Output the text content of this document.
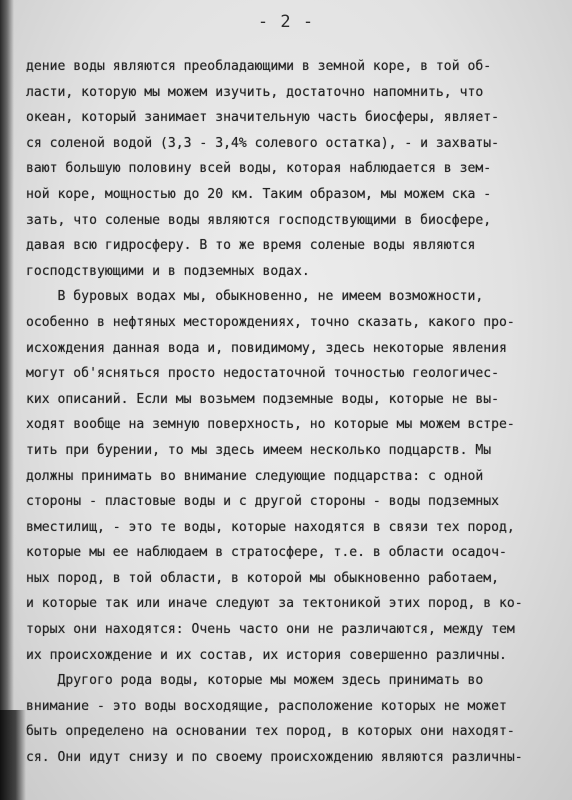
- 2 -
дение воды являются преобладающими в земной коре, в той об-
ласти, которую мы можем изучить, достаточно напомнить, что
океан, который занимает значительную часть биосферы, являет-
ся соленой водой (3,3 - 3,4% солевого остатка), - и захваты-
вают большую половину всей воды, которая наблюдается в зем-
ной коре, мощностью до 20 км. Таким образом, мы можем ска -
зать, что соленые воды являются господствующими в биосфере,
давая всю гидросферу. В то же время соленые воды являются
господствующими и в подземных водах.
В буровых водах мы, обыкновенно, не имеем возможности,
особенно в нефтяных месторождениях, точно сказать, какого про-
исхождения данная вода и, повидимому, здесь некоторые явления
могут об'ясняться просто недостаточной точностью геологичес-
ких описаний. Если мы возьмем подземные воды, которые не вы-
ходят вообще на земную поверхность, но которые мы можем встре-
тить при бурении, то мы здесь имеем несколько подцарств. Мы
должны принимать во внимание следующие подцарства: с одной
стороны - пластовые воды и с другой стороны - воды подземных
вместилищ, - это те воды, которые находятся в связи тех пород,
которые мы ее наблюдаем в стратосфере, т.е. в области осадоч-
ных пород, в той области, в которой мы обыкновенно работаем,
и которые так или иначе следуют за тектоникой этих пород, в ко-
торых они находятся: Очень часто они не различаются, между тем
их происхождение и их состав, их история совершенно различны.
Другого рода воды, которые мы можем здесь принимать во
внимание - это воды восходящие, расположение которых не может
быть определено на основании тех пород, в которых они находят-
ся. Они идут снизу и по своему происхождению являются различны-
